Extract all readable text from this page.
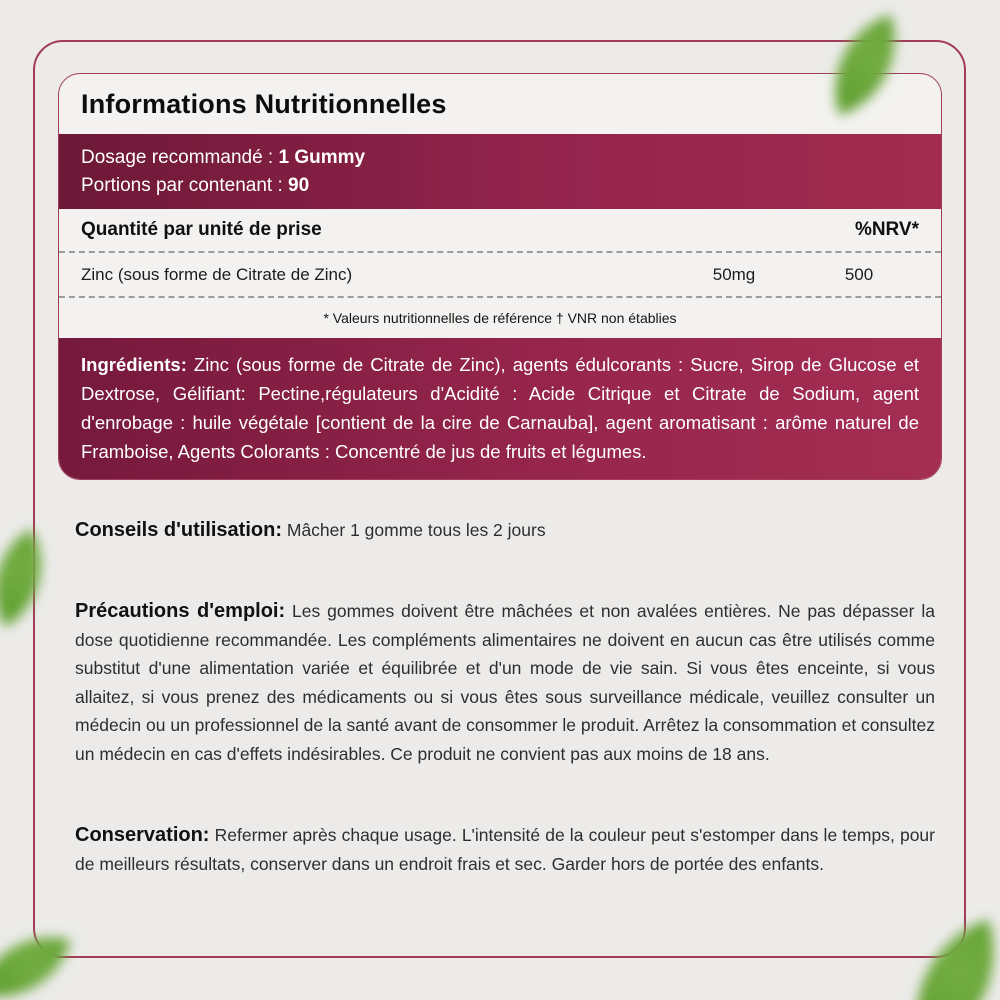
Informations Nutritionnelles
Dosage recommandé : 1 Gummy
Portions par contenant : 90
Quantité par unité de prise	%NRV*
Zinc (sous forme de Citrate de Zinc)	50mg	500
* Valeurs nutritionnelles de référence † VNR non établies
Ingrédients: Zinc (sous forme de Citrate de Zinc), agents édulcorants : Sucre, Sirop de Glucose et Dextrose, Gélifiant: Pectine,régulateurs d'Acidité : Acide Citrique et Citrate de Sodium, agent d'enrobage : huile végétale [contient de la cire de Carnauba], agent aromatisant : arôme naturel de Framboise, Agents Colorants : Concentré de jus de fruits et légumes.
Conseils d'utilisation: Mâcher 1 gomme tous les 2 jours
Précautions d'emploi: Les gommes doivent être mâchées et non avalées entières. Ne pas dépasser la dose quotidienne recommandée. Les compléments alimentaires ne doivent en aucun cas être utilisés comme substitut d'une alimentation variée et équilibrée et d'un mode de vie sain. Si vous êtes enceinte, si vous allaitez, si vous prenez des médicaments ou si vous êtes sous surveillance médicale, veuillez consulter un médecin ou un professionnel de la santé avant de consommer le produit. Arrêtez la consommation et consultez un médecin en cas d'effets indésirables. Ce produit ne convient pas aux moins de 18 ans.
Conservation: Refermer après chaque usage. L'intensité de la couleur peut s'estomper dans le temps, pour de meilleurs résultats, conserver dans un endroit frais et sec. Garder hors de portée des enfants.
